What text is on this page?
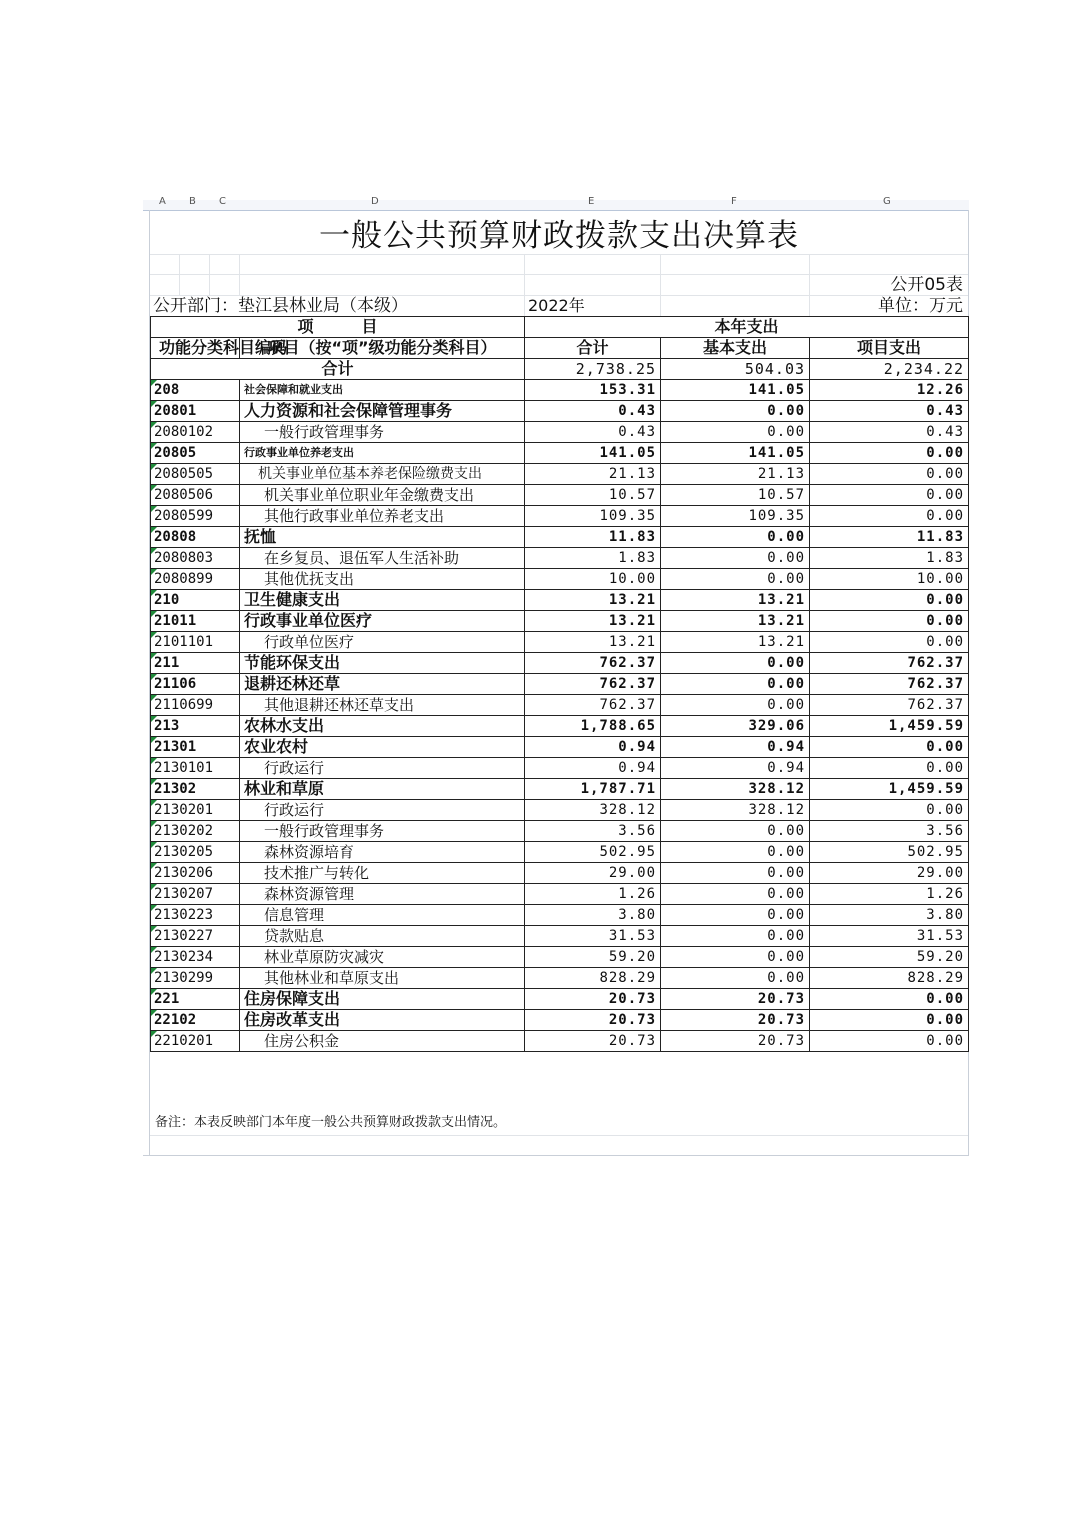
A B C	D	E	F	G
一般公共预算财政拨款支出决算表
公开05表
公开部门：垫江县林业局（本级）	2022年	单位：万元
项　　　目		本年支出		
功能分类科目编码	项目（按“项”级功能分类科目）	合计	基本支出	项目支出
合计		2,738.25	504.03	2,234.22

208	社会保障和就业支出	153.31	141.05	12.26

20801	人力资源和社会保障管理事务	0.43	0.00	0.43

2080102	一般行政管理事务	0.43	0.00	0.43

20805	行政事业单位养老支出	141.05	141.05	0.00

2080505	机关事业单位基本养老保险缴费支出	21.13	21.13	0.00

2080506	机关事业单位职业年金缴费支出	10.57	10.57	0.00

2080599	其他行政事业单位养老支出	109.35	109.35	0.00

20808	抚恤	11.83	0.00	11.83

2080803	在乡复员、退伍军人生活补助	1.83	0.00	1.83

2080899	其他优抚支出	10.00	0.00	10.00

210	卫生健康支出	13.21	13.21	0.00

21011	行政事业单位医疗	13.21	13.21	0.00

2101101	行政单位医疗	13.21	13.21	0.00

211	节能环保支出	762.37	0.00	762.37

21106	退耕还林还草	762.37	0.00	762.37

2110699	其他退耕还林还草支出	762.37	0.00	762.37

213	农林水支出	1,788.65	329.06	1,459.59

21301	农业农村	0.94	0.94	0.00

2130101	行政运行	0.94	0.94	0.00

21302	林业和草原	1,787.71	328.12	1,459.59

2130201	行政运行	328.12	328.12	0.00

2130202	一般行政管理事务	3.56	0.00	3.56

2130205	森林资源培育	502.95	0.00	502.95

2130206	技术推广与转化	29.00	0.00	29.00

2130207	森林资源管理	1.26	0.00	1.26

2130223	信息管理	3.80	0.00	3.80

2130227	贷款贴息	31.53	0.00	31.53

2130234	林业草原防灾减灾	59.20	0.00	59.20

2130299	其他林业和草原支出	828.29	0.00	828.29

221	住房保障支出	20.73	20.73	0.00

22102	住房改革支出	20.73	20.73	0.00

2210201	住房公积金	20.73	20.73	0.00
备注：本表反映部门本年度一般公共预算财政拨款支出情况。
